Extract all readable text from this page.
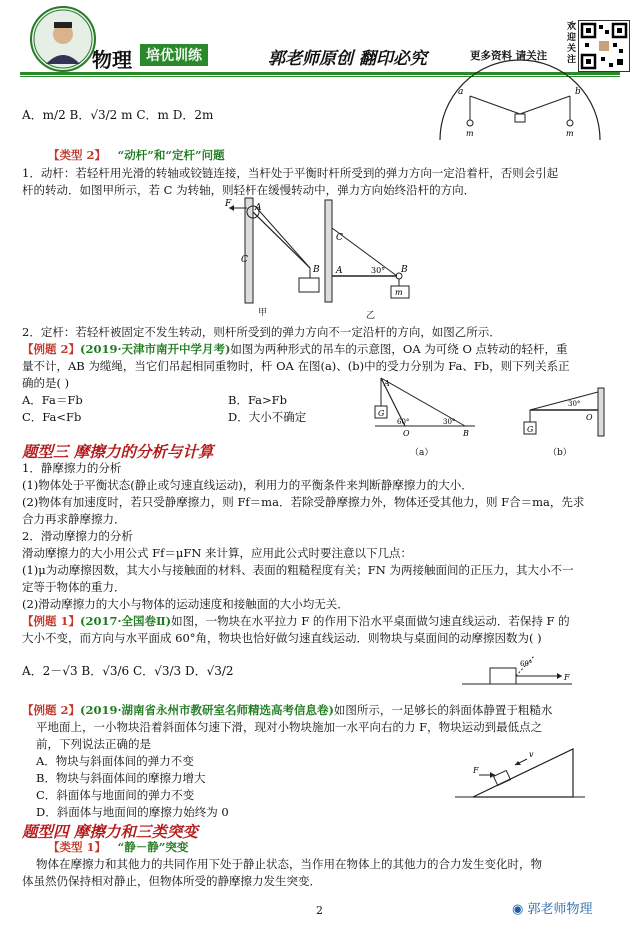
物理	培优训练	郭老师原创 翻印必究	更多资料 请关注
欢迎关注
A．m/2 B．√3/2 m C．m D．2m
a	b
m	m
【类型 2】 “动杆”和“定杆”问题
1．动杆：若轻杆用光滑的转轴或铰链连接，当杆处于平衡时杆所受到的弹力方向一定沿着杆，否则会引起
杆的转动．如图甲所示，若 C 为转轴，则轻杆在缓慢转动中，弹力方向始终沿杆的方向．
A
C
B
F
甲
C
A	30° B
m
乙
2．定杆：若轻杆被固定不发生转动，则杆所受到的弹力方向不一定沿杆的方向，如图乙所示．
【例题 2】(2019·天津市南开中学月考)如图为两种形式的吊车的示意图，OA 为可绕 O 点转动的轻杆，重
量不计，AB 为缆绳，当它们吊起相同重物时，杆 OA 在图(a)、(b)中的受力分别为 Fa、Fb，则下列关系正
确的是( )
A．Fa＝Fb	B．Fa>Fb
C．Fa<Fb	D．大小不确定	G
60°	30°
O
A
B
（a）
G
30°
O
（b）
题型三 摩擦力的分析与计算
1．静摩擦力的分析
(1)物体处于平衡状态(静止或匀速直线运动)，利用力的平衡条件来判断静摩擦力的大小．
(2)物体有加速度时，若只受静摩擦力，则 Ff＝ma．若除受静摩擦力外，物体还受其他力，则 F合＝ma，先求
合力再求静摩擦力．
2．滑动摩擦力的分析
滑动摩擦力的大小用公式 Ff＝μFN 来计算，应用此公式时要注意以下几点：
(1)μ为动摩擦因数，其大小与接触面的材料、表面的粗糙程度有关；FN 为两接触面间的正压力，其大小不一
定等于物体的重力．
(2)滑动摩擦力的大小与物体的运动速度和接触面的大小均无关．
【例题 1】(2017·全国卷Ⅱ)如图，一物块在水平拉力 F 的作用下沿水平桌面做匀速直线运动．若保持 F 的
大小不变，而方向与水平面成 60°角，物块也恰好做匀速直线运动．则物块与桌面间的动摩擦因数为( )
A．2－√3 B．√3/6 C．√3/3 D．√3/2	60°
F
【例题 2】(2019·湖南省永州市教研室名师精选高考信息卷)如图所示，一足够长的斜面体静置于粗糙水
平地面上，一小物块沿着斜面体匀速下滑，现对小物块施加一水平向右的力 F，物块运动到最低点之
前，下列说法正确的是
A．物块与斜面体间的弹力不变
B．物块与斜面体间的摩擦力增大
C．斜面体与地面间的弹力不变
D．斜面体与地面间的摩擦力始终为 0
F
v
题型四 摩擦力和三类突变
【类型 1】 “静－静”突变
物体在摩擦力和其他力的共同作用下处于静止状态，当作用在物体上的其他力的合力发生变化时，物
体虽然仍保持相对静止，但物体所受的静摩擦力发生突变．
2	◉ 郭老师物理
